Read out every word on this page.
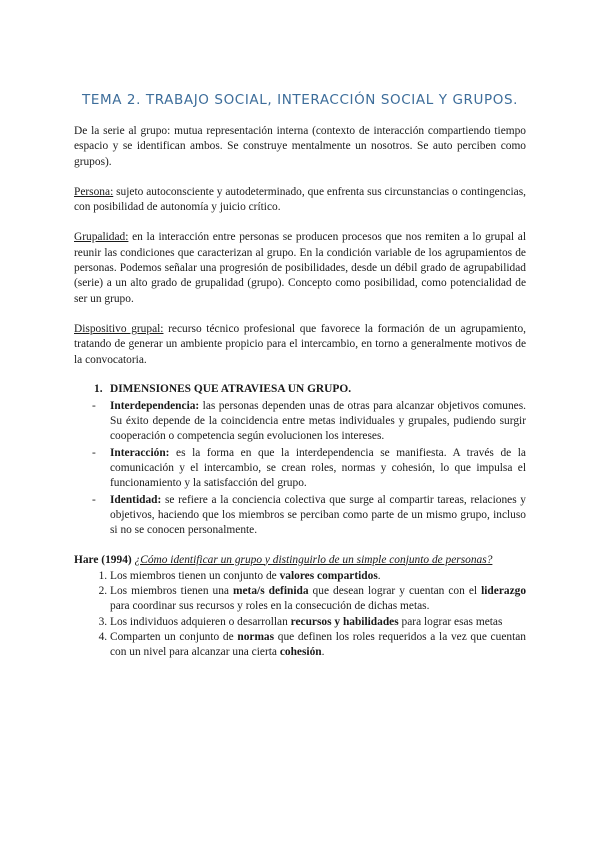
TEMA 2. TRABAJO SOCIAL, INTERACCIÓN SOCIAL Y GRUPOS.

De la serie al grupo: mutua representación interna (contexto de interacción compartiendo tiempo espacio y se identifican ambos. Se construye mentalmente un nosotros. Se auto perciben como grupos).

Persona: sujeto autoconsciente y autodeterminado, que enfrenta sus circunstancias o contingencias, con posibilidad de autonomía y juicio crítico.

Grupalidad: en la interacción entre personas se producen procesos que nos remiten a lo grupal al reunir las condiciones que caracterizan al grupo. En la condición variable de los agrupamientos de personas. Podemos señalar una progresión de posibilidades, desde un débil grado de agrupabilidad (serie) a un alto grado de grupalidad (grupo). Concepto como posibilidad, como potencialidad de ser un grupo.

Dispositivo grupal: recurso técnico profesional que favorece la formación de un agrupamiento, tratando de generar un ambiente propicio para el intercambio, en torno a generalmente motivos de la convocatoria.

1. DIMENSIONES QUE ATRAVIESA UN GRUPO.
- Interdependencia: las personas dependen unas de otras para alcanzar objetivos comunes. Su éxito depende de la coincidencia entre metas individuales y grupales, pudiendo surgir cooperación o competencia según evolucionen los intereses.
- Interacción: es la forma en que la interdependencia se manifiesta. A través de la comunicación y el intercambio, se crean roles, normas y cohesión, lo que impulsa el funcionamiento y la satisfacción del grupo.
- Identidad: se refiere a la conciencia colectiva que surge al compartir tareas, relaciones y objetivos, haciendo que los miembros se perciban como parte de un mismo grupo, incluso si no se conocen personalmente.
Hare (1994) ¿Cómo identificar un grupo y distinguirlo de un simple conjunto de personas?
1. Los miembros tienen un conjunto de valores compartidos.
2. Los miembros tienen una meta/s definida que desean lograr y cuentan con el liderazgo para coordinar sus recursos y roles en la consecución de dichas metas.
3. Los individuos adquieren o desarrollan recursos y habilidades para lograr esas metas
4. Comparten un conjunto de normas que definen los roles requeridos a la vez que cuentan con un nivel para alcanzar una cierta cohesión.
